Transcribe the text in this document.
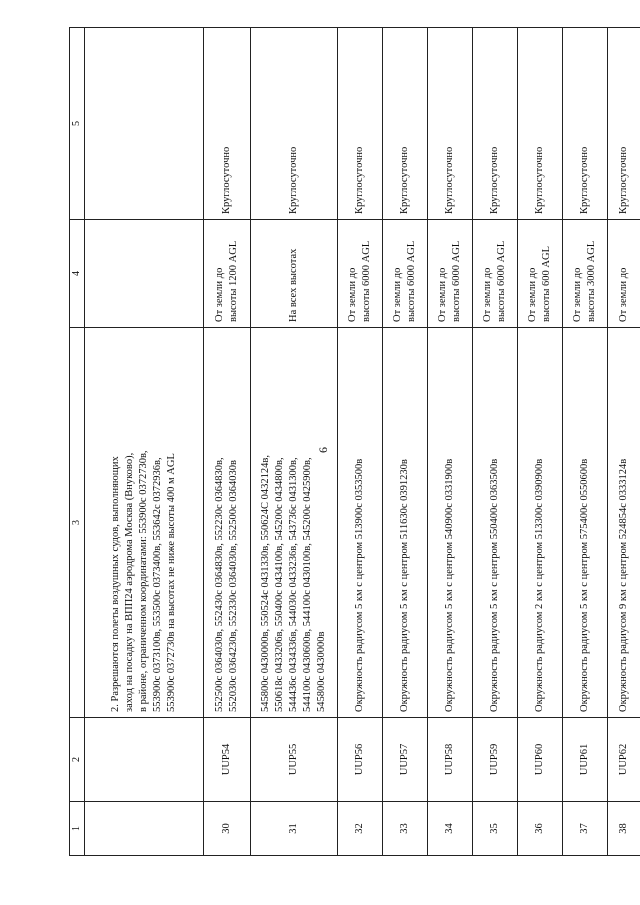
6
1	2	3	4	5

		2. Разрешаются полеты воздушных судов, выполняющих заход на посадку на ВПП24 аэродрома Москва (Внуково), в районе, ограниченном координатами: 553900с 0372730в, 553900с 0373100в, 553500с 0373400в, 553642с 0372936в, 553900с 0372730в на высотах не ниже высоты 400 м AGL		

30	UUP54	552500с 0364030в, 552430с 0364830в, 552230с 0364830в, 552030с 0364230в, 552330с 0364030в, 552500с 0364030в	От земли до высоты 1200 AGL	Круглосуточно
31	UUP55	545800с 0430000в, 550524с 0431330в, 550624С 0432124в, 550618с 0433206в, 550400с 0434100в, 545200с 0434800в, 544436с 0434336в, 544030с 0433236в, 543736с 0431300в, 544100с 0430600в, 544100с 0430100в, 545200с 0425900в, 545800с 0430000в	На всех высотах	Круглосуточно
32	UUP56	Окружность радиусом 5 км с центром 513900с 0353500в	От земли до высоты 6000 AGL	Круглосуточно
33	UUP57	Окружность радиусом 5 км с центром 511630с 0391230в	От земли до высоты 6000 AGL	Круглосуточно
34	UUP58	Окружность радиусом 5 км с центром 540900с 0331900в	От земли до высоты 6000 AGL	Круглосуточно
35	UUP59	Окружность радиусом 5 км с центром 550400с 0363500в	От земли до высоты 6000 AGL	Круглосуточно
36	UUP60	Окружность радиусом 2 км с центром 513300с 0390900в	От земли до высоты 600 AGL	Круглосуточно
37	UUP61	Окружность радиусом 5 км с центром 575400с 0550600в	От земли до высоты 3000 AGL	Круглосуточно
38	UUP62	Окружность радиусом 9 км с центром 524854с 0333124в	От земли до	Круглосуточно
